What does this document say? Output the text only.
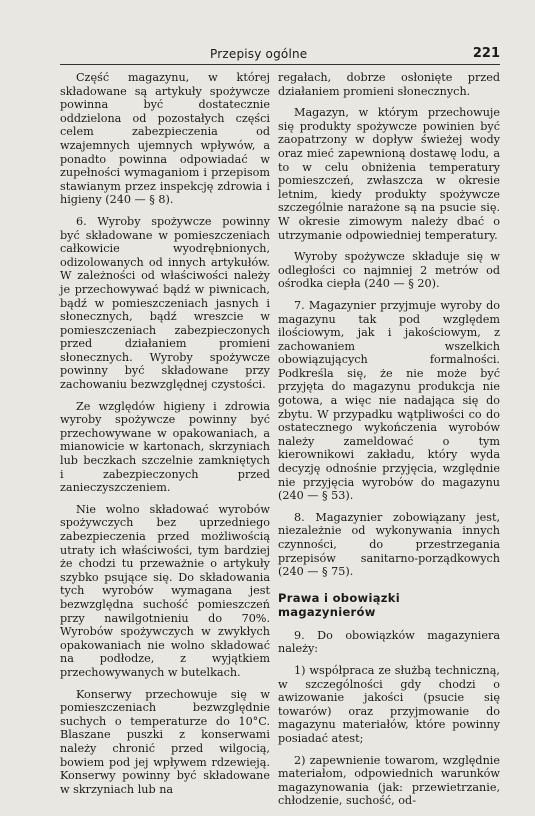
Przepisy ogólne	221

Część magazynu, w której składowane są artykuły spożywcze powinna być dostatecznie oddzielona od pozostałych części celem zabezpieczenia od wzajemnych ujemnych wpływów, a ponadto powinna odpowiadać w zupełności wymaganiom i przepisom stawianym przez inspekcję zdrowia i higieny (240 — § 8).

6. Wyroby spożywcze powinny być składowane w pomieszczeniach całkowicie wyodrębnionych, odizolowanych od innych artykułów. W zależności od właściwości należy je przechowywać bądź w piwnicach, bądź w pomieszczeniach jasnych i słonecznych, bądź wreszcie w pomieszczeniach zabezpieczonych przed działaniem promieni słonecznych. Wyroby spożywcze powinny być składowane przy zachowaniu bezwzględnej czystości.

Ze względów higieny i zdrowia wyroby spożywcze powinny być przechowywane w opakowaniach, a mianowicie w kartonach, skrzyniach lub beczkach szczelnie zamkniętych i zabezpieczonych przed zanieczyszczeniem.

Nie wolno składować wyrobów spożywczych bez uprzedniego zabezpieczenia przed możliwością utraty ich właściwości, tym bardziej że chodzi tu przeważnie o artykuły szybko psujące się. Do składowania tych wyrobów wymagana jest bezwzględna suchość pomieszczeń przy nawilgotnieniu do 70%. Wyrobów spożywczych w zwykłych opakowaniach nie wolno składować na podłodze, z wyjątkiem przechowywanych w butelkach.

Konserwy przechowuje się w pomieszczeniach bezwzględnie suchych o temperaturze do 10°C. Blaszane puszki z konserwami należy chronić przed wilgocią, bowiem pod jej wpływem rdzewieją. Konserwy powinny być składowane w skrzyniach lub na

regałach, dobrze osłonięte przed działaniem promieni słonecznych.

Magazyn, w którym przechowuje się produkty spożywcze powinien być zaopatrzony w dopływ świeżej wody oraz mieć zapewnioną dostawę lodu, a to w celu obniżenia temperatury pomieszczeń, zwłaszcza w okresie letnim, kiedy produkty spożywcze szczególnie narażone są na psucie się. W okresie zimowym należy dbać o utrzymanie odpowiedniej temperatury.

Wyroby spożywcze składuje się w odległości co najmniej 2 metrów od ośrodka ciepła (240 — § 20).

7. Magazynier przyjmuje wyroby do magazynu tak pod względem ilościowym, jak i jakościowym, z zachowaniem wszelkich obowiązujących formalności. Podkreśla się, że nie może być przyjęta do magazynu produkcja nie gotowa, a więc nie nadająca się do zbytu. W przypadku wątpliwości co do ostatecznego wykończenia wyrobów należy zameldować o tym kierownikowi zakładu, który wyda decyzję odnośnie przyjęcia, względnie nie przyjęcia wyrobów do magazynu (240 — § 53).

8. Magazynier zobowiązany jest, niezależnie od wykonywania innych czynności, do przestrzegania przepisów sanitarno-porządkowych (240 — § 75).

Prawa i obowiązki magazynierów

9. Do obowiązków magazyniera należy:

1) współpraca ze służbą techniczną, w szczególności gdy chodzi o awizowanie jakości (psucie się towarów) oraz przyjmowanie do magazynu materiałów, które powinny posiadać atest;

2) zapewnienie towarom, względnie materiałom, odpowiednich warunków magazynowania (jak: przewietrzanie, chłodzenie, suchość, od-
